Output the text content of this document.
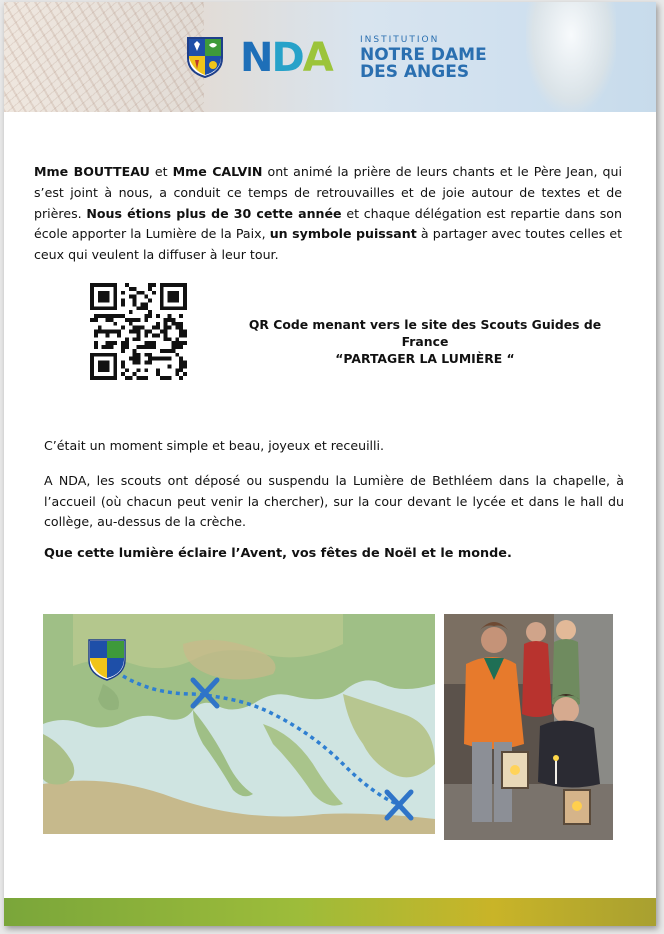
NDA	INSTITUTION
NOTRE DAME
DES ANGES
Mme BOUTTEAU et Mme CALVIN ont animé la prière de leurs chants et le Père Jean, qui s’est joint à nous, a conduit ce temps de retrouvailles et de joie autour de textes et de prières. Nous étions plus de 30 cette année et chaque délégation est repartie dans son école apporter la Lumière de la Paix, un symbole puissant à partager avec toutes celles et ceux qui veulent la diffuser à leur tour.
QR Code menant vers le site des Scouts Guides de France
“PARTAGER LA LUMIÈRE “

C’était un moment simple et beau, joyeux et receuilli.

A NDA, les scouts ont déposé ou suspendu la Lumière de Bethléem dans la chapelle, à l’accueil (où chacun peut venir la chercher), sur la cour devant le lycée et dans le hall du collège, au-dessus de la crèche.

Que cette lumière éclaire l’Avent, vos fêtes de Noël et le monde.
